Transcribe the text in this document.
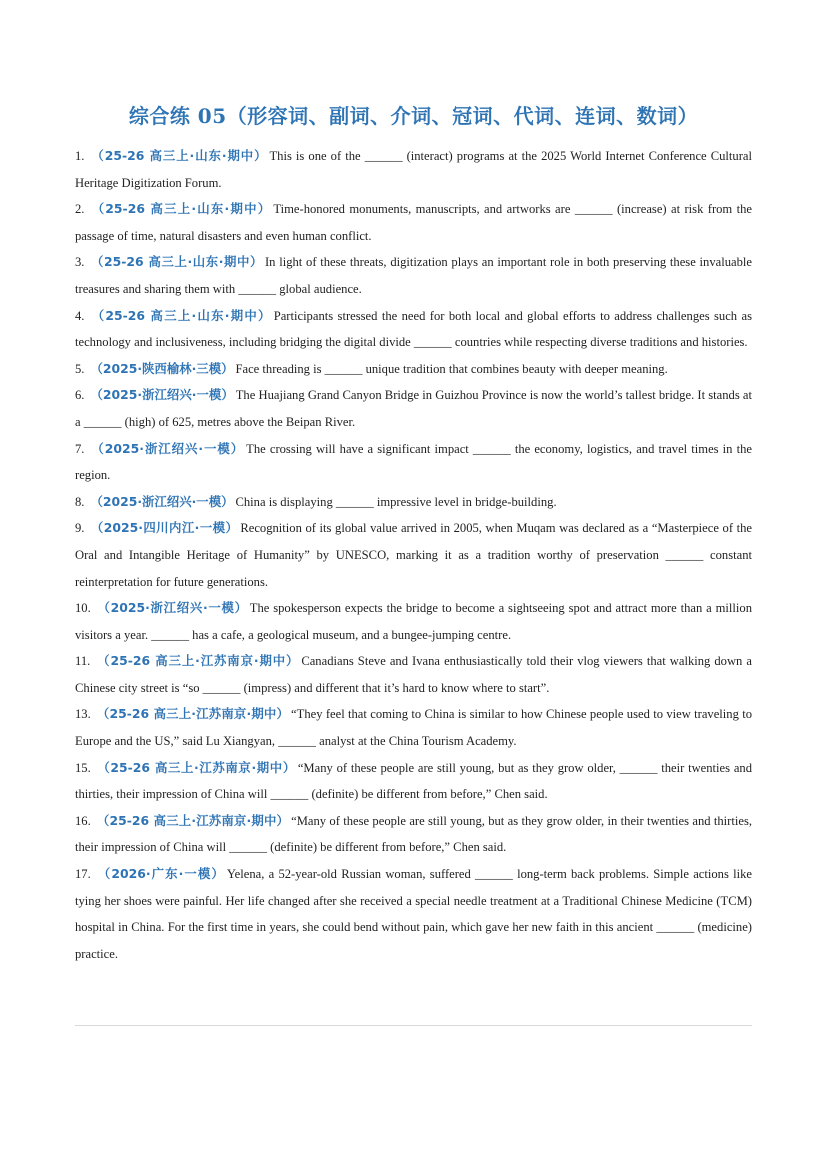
综合练 05（形容词、副词、介词、冠词、代词、连词、数词）
1. （25-26 高三上·山东·期中） This is one of the ______ (interact) programs at the 2025 World Internet Conference Cultural Heritage Digitization Forum.
2. （25-26 高三上·山东·期中） Time-honored monuments, manuscripts, and artworks are ______ (increase) at risk from the passage of time, natural disasters and even human conflict.
3. （25-26 高三上·山东·期中） In light of these threats, digitization plays an important role in both preserving these invaluable treasures and sharing them with ______ global audience.
4. （25-26 高三上·山东·期中） Participants stressed the need for both local and global efforts to address challenges such as technology and inclusiveness, including bridging the digital divide ______ countries while respecting diverse traditions and histories.
5. （2025·陕西榆林·三模） Face threading is ______ unique tradition that combines beauty with deeper meaning.
6. （2025·浙江绍兴·一模） The Huajiang Grand Canyon Bridge in Guizhou Province is now the world’s tallest bridge. It stands at a ______ (high) of 625, metres above the Beipan River.
7. （2025·浙江绍兴·一模） The crossing will have a significant impact ______ the economy, logistics, and travel times in the region.
8. （2025·浙江绍兴·一模） China is displaying ______ impressive level in bridge-building.
9. （2025·四川内江·一模） Recognition of its global value arrived in 2005, when Muqam was declared as a “Masterpiece of the Oral and Intangible Heritage of Humanity” by UNESCO, marking it as a tradition worthy of preservation ______ constant reinterpretation for future generations.
10. （2025·浙江绍兴·一模） The spokesperson expects the bridge to become a sightseeing spot and attract more than a million visitors a year. ______ has a cafe, a geological museum, and a bungee-jumping centre.
11. （25-26 高三上·江苏南京·期中） Canadians Steve and Ivana enthusiastically told their vlog viewers that walking down a Chinese city street is “so ______ (impress) and different that it’s hard to know where to start”.
13. （25-26 高三上·江苏南京·期中） “They feel that coming to China is similar to how Chinese people used to view traveling to Europe and the US,” said Lu Xiangyan, ______ analyst at the China Tourism Academy.
15. （25-26 高三上·江苏南京·期中） “Many of these people are still young, but as they grow older, ______ their twenties and thirties, their impression of China will ______ (definite) be different from before,” Chen said.
16. （25-26 高三上·江苏南京·期中） “Many of these people are still young, but as they grow older, in their twenties and thirties, their impression of China will ______ (definite) be different from before,” Chen said.
17. （2026·广东·一模） Yelena, a 52-year-old Russian woman, suffered ______ long-term back problems. Simple actions like tying her shoes were painful. Her life changed after she received a special needle treatment at a Traditional Chinese Medicine (TCM) hospital in China. For the first time in years, she could bend without pain, which gave her new faith in this ancient ______ (medicine) practice.
